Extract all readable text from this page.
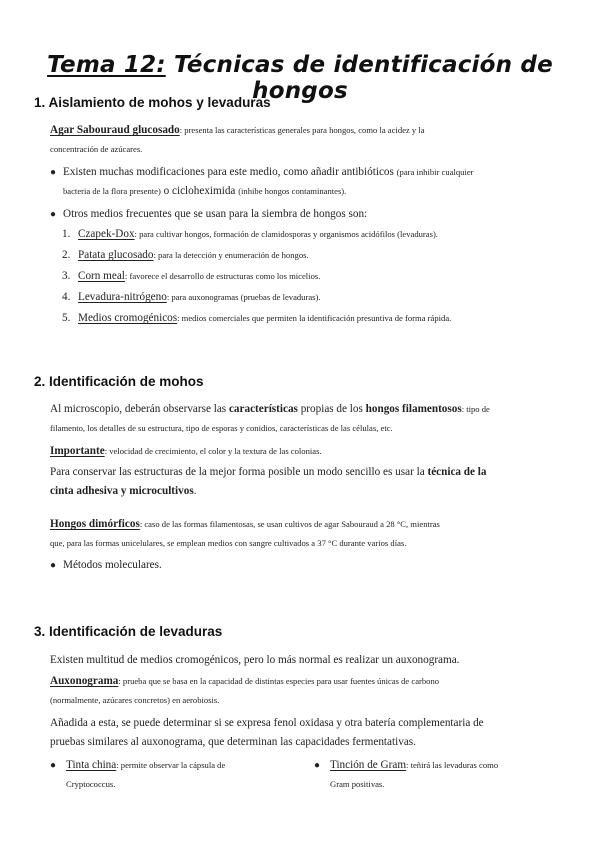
Tema 12: Técnicas de identificación de hongos
1. Aislamiento de mohos y levaduras
Agar Sabouraud glucosado: presenta las características generales para hongos, como la acidez y la
concentración de azúcares.
● Existen muchas modificaciones para este medio, como añadir antibióticos (para inhibir cualquier
bacteria de la flora presente) o cicloheximida (inhibe hongos contaminantes).
● Otros medios frecuentes que se usan para la siembra de hongos son:
1. Czapek-Dox: para cultivar hongos, formación de clamidosporas y organismos acidófilos (levaduras).
2. Patata glucosado: para la detección y enumeración de hongos.
3. Corn meal: favorece el desarrollo de estructuras como los micelios.
4. Levadura-nitrógeno: para auxonogramas (pruebas de levaduras).
5. Medios cromogénicos: medios comerciales que permiten la identificación presuntiva de forma rápida.
2. Identificación de mohos
Al microscopio, deberán observarse las características propias de los hongos filamentosos: tipo de
filamento, los detalles de su estructura, tipo de esporas y conidios, características de las células, etc.
Importante: velocidad de crecimiento, el color y la textura de las colonias.
Para conservar las estructuras de la mejor forma posible un modo sencillo es usar la técnica de la
cinta adhesiva y microcultivos.
Hongos dimórficos: caso de las formas filamentosas, se usan cultivos de agar Sabouraud a 28 °C, mientras
que, para las formas unicelulares, se emplean medios con sangre cultivados a 37 °C durante varios días.
● Métodos moleculares.
3. Identificación de levaduras
Existen multitud de medios cromogénicos, pero lo más normal es realizar un auxonograma.
Auxonograma: prueba que se basa en la capacidad de distintas especies para usar fuentes únicas de carbono
(normalmente, azúcares concretos) en aerobiosis.
Añadida a esta, se puede determinar si se expresa fenol oxidasa y otra batería complementaria de
pruebas similares al auxonograma, que determinan las capacidades fermentativas.
● Tinta china: permite observar la cápsula de
Cryptococcus.
● Tinción de Gram: teñirá las levaduras como
Gram positivas.
